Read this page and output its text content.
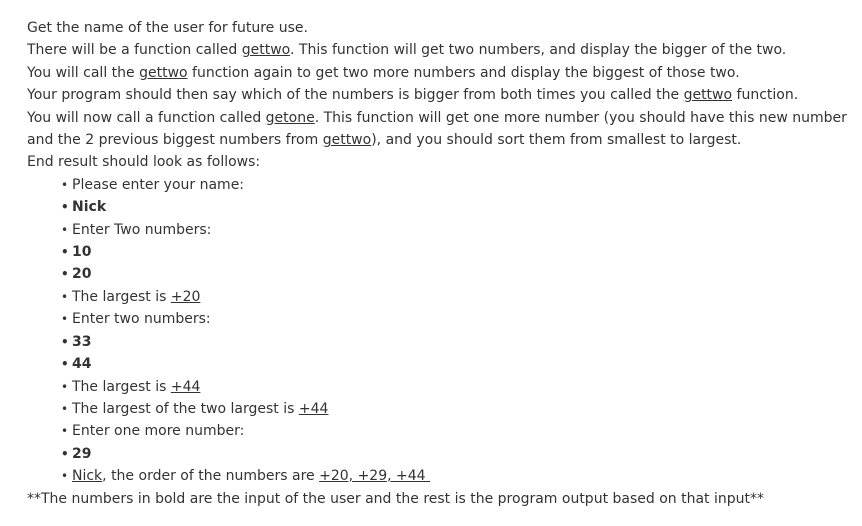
Get the name of the user for future use.
There will be a function called gettwo. This function will get two numbers, and display the bigger of the two.
You will call the gettwo function again to get two more numbers and display the biggest of those two.
Your program should then say which of the numbers is bigger from both times you called the gettwo function.
You will now call a function called getone. This function will get one more number (you should have this new number and the 2 previous biggest numbers from gettwo), and you should sort them from smallest to largest.
End result should look as follows:
• Please enter your name:
• Nick
• Enter Two numbers:
• 10
• 20
• The largest is +20
• Enter two numbers:
• 33
• 44
• The largest is +44
• The largest of the two largest is +44
• Enter one more number:
• 29
• Nick, the order of the numbers are +20, +29, +44
**The numbers in bold are the input of the user and the rest is the program output based on that input**
